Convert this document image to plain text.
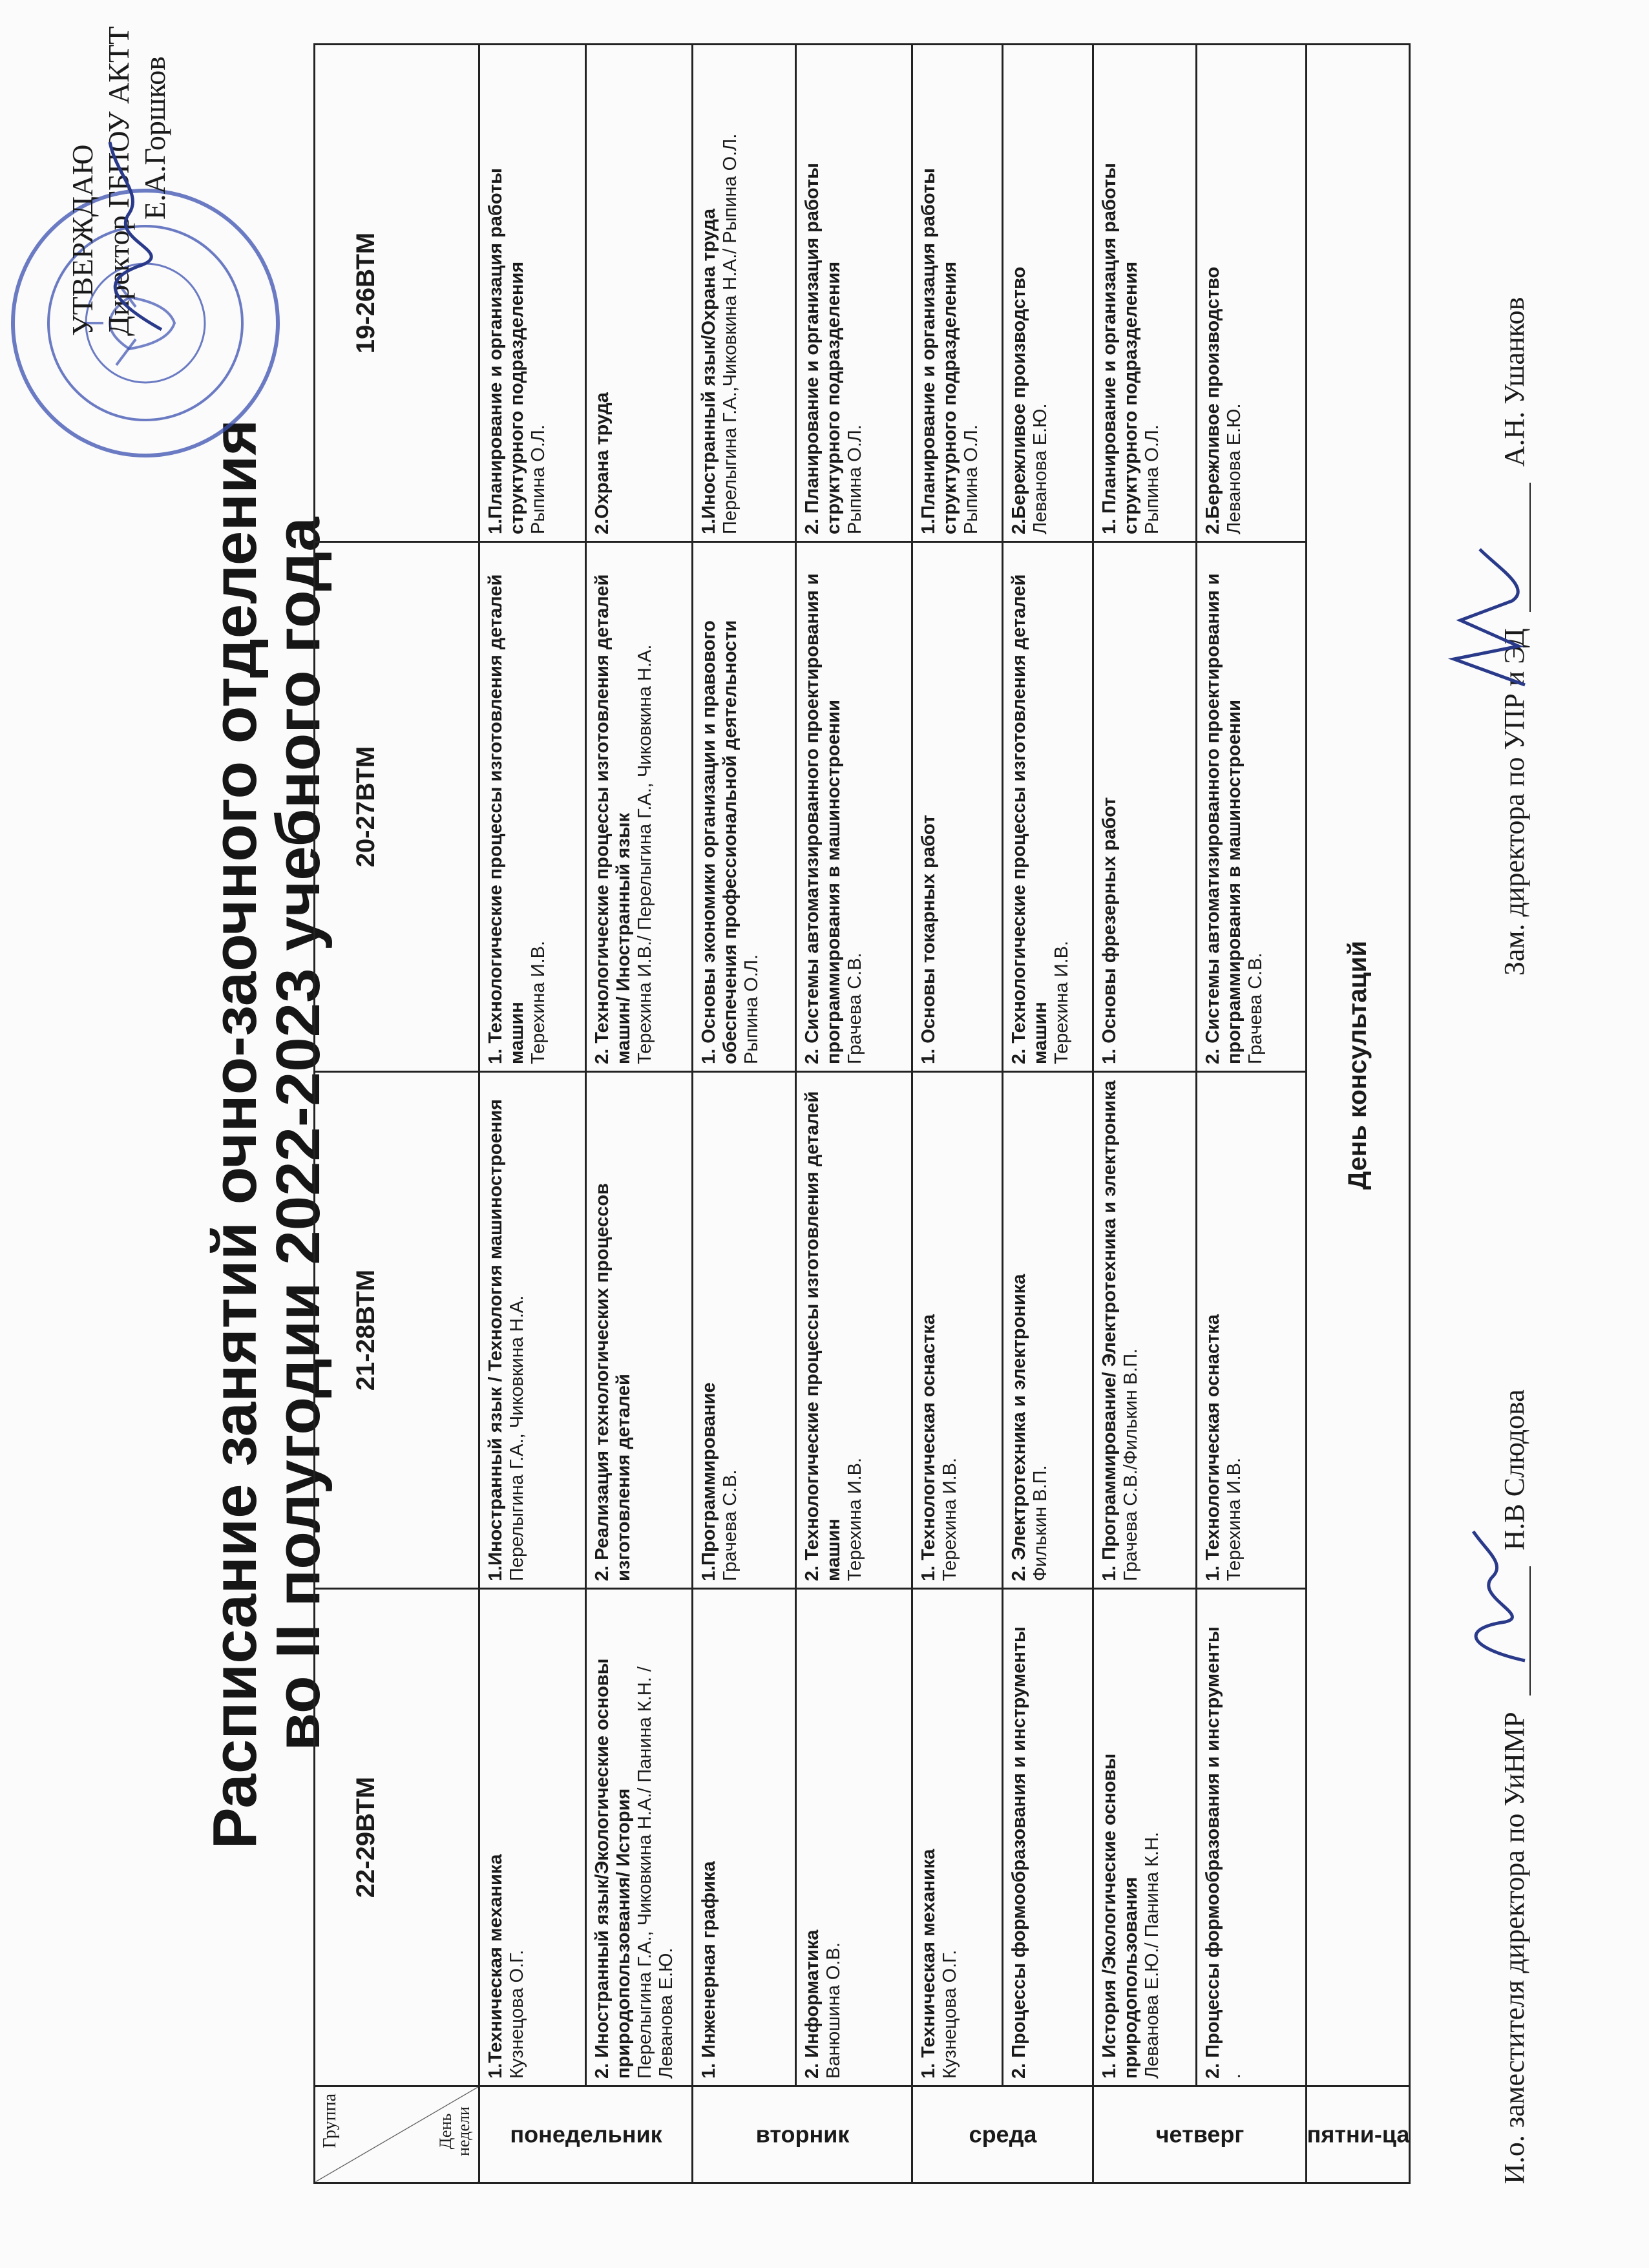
Расписание занятий очно-заочного отделения
во II полугодии 2022-2023 учебного года
УТВЕРЖДАЮ Директор ГБПОУ АКТТ Е.А.Горшков
Группа День недели	22-29ВТМ	21-28ВТМ	20-27ВТМ	19-26ВТМ

понедельник	1.Техническая механика Кузнецова О.Г.	1.Иностранный язык / Технология машиностроения Перелыгина Г.А., Чиковкина Н.А.	1. Технологические процессы изготовления деталей машин Терехина И.В.	1.Планирование и организация работы структурного подразделения Рыпина О.Л.

	2. Иностранный язык/Экологические основы природопользования/ История Перелыгина Г.А., Чиковкина Н.А./ Панина К.Н. / Леванова Е.Ю.	2. Реализация технологических процессов изготовления деталей	2. Технологические процессы изготовления деталей машин/ Иностранный язык Терехина И.В./ Перелыгина Г.А., Чиковкина Н.А.	2.Охрана труда

вторник	1. Инженерная графика	1.Программирование Грачева С.В.	1. Основы экономики организации и правового обеспечения профессиональной деятельности Рыпина О.Л.	1.Иностранный язык/Охрана труда Перелыгина Г.А.,Чиковкина Н.А./ Рыпина О.Л.

	2. Информатика Ванюшина О.В.	2. Технологические процессы изготовления деталей машин Терехина И.В.	2. Системы автоматизированного проектирования и программирования в машиностроении Грачева С.В.	2. Планирование и организация работы структурного подразделения Рыпина О.Л.

среда	1. Техническая механика Кузнецова О.Г.	1. Технологическая оснастка Терехина И.В.	1. Основы токарных работ	1.Планирование и организация работы структурного подразделения Рыпина О.Л.

	2. Процессы формообразования и инструменты	2. Электротехника и электроника Филькин В.П.	2. Технологические процессы изготовления деталей машин Терехина И.В.	2.Бережливое производство Леванова Е.Ю.

четверг	1. История /Экологические основы природопользования Леванова Е.Ю./ Панина К.Н.	1. Программирование/ Электротехника и электроника Грачева С.В./Филькин В.П.	1. Основы фрезерных работ	1. Планирование и организация работы структурного подразделения Рыпина О.Л.

	2. Процессы формообразования и инструменты .	1. Технологическая оснастка Терехина И.В.	2. Системы автоматизированного проектирования и программирования в машиностроении Грачева С.В.	2.Бережливое производство Леванова Е.Ю.

пятни-ца	День консультаций			
И.о. заместителя директора по УиНМР  Н.В Слюдова
Зам. директора по УПР и ЭД  А.Н. Ушанков
